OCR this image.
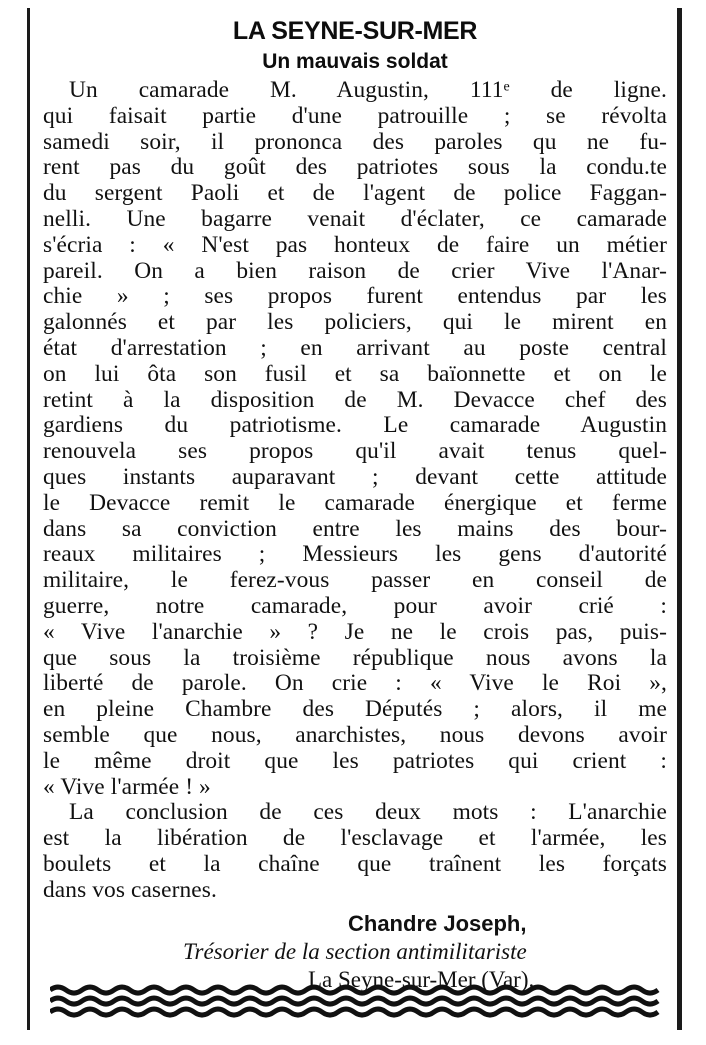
LA SEYNE-SUR-MER
Un mauvais soldat
Un camarade M. Augustin, 111ᵉ de ligne.
qui faisait partie d'une patrouille ; se révolta
samedi soir, il prononca des paroles qu ne fu-
rent pas du goût des patriotes sous la condu.te
du sergent Paoli et de l'agent de police Faggan-
nelli. Une bagarre venait d'éclater, ce camarade
s'écria : « N'est pas honteux de faire un métier
pareil. On a bien raison de crier Vive l'Anar-
chie » ; ses propos furent entendus par les
galonnés et par les policiers, qui le mirent en
état d'arrestation ; en arrivant au poste central
on lui ôta son fusil et sa baïonnette et on le
retint à la disposition de M. Devacce chef des
gardiens du patriotisme. Le camarade Augustin
renouvela ses propos qu'il avait tenus quel-
ques instants auparavant ; devant cette attitude
le Devacce remit le camarade énergique et ferme
dans sa conviction entre les mains des bour-
reaux militaires ; Messieurs les gens d'autorité
militaire, le ferez-vous passer en conseil de
guerre, notre camarade, pour avoir crié :
« Vive l'anarchie » ? Je ne le crois pas, puis-
que sous la troisième république nous avons la
liberté de parole. On crie : « Vive le Roi »,
en pleine Chambre des Députés ; alors, il me
semble que nous, anarchistes, nous devons avoir
le même droit que les patriotes qui crient :
« Vive l'armée ! »
La conclusion de ces deux mots : L'anarchie
est la libération de l'esclavage et l'armée, les
boulets et la chaîne que traînent les forçats
dans vos casernes.
Chandre Joseph,
Trésorier de la section antimilitariste
La Seyne-sur-Mer (Var).
